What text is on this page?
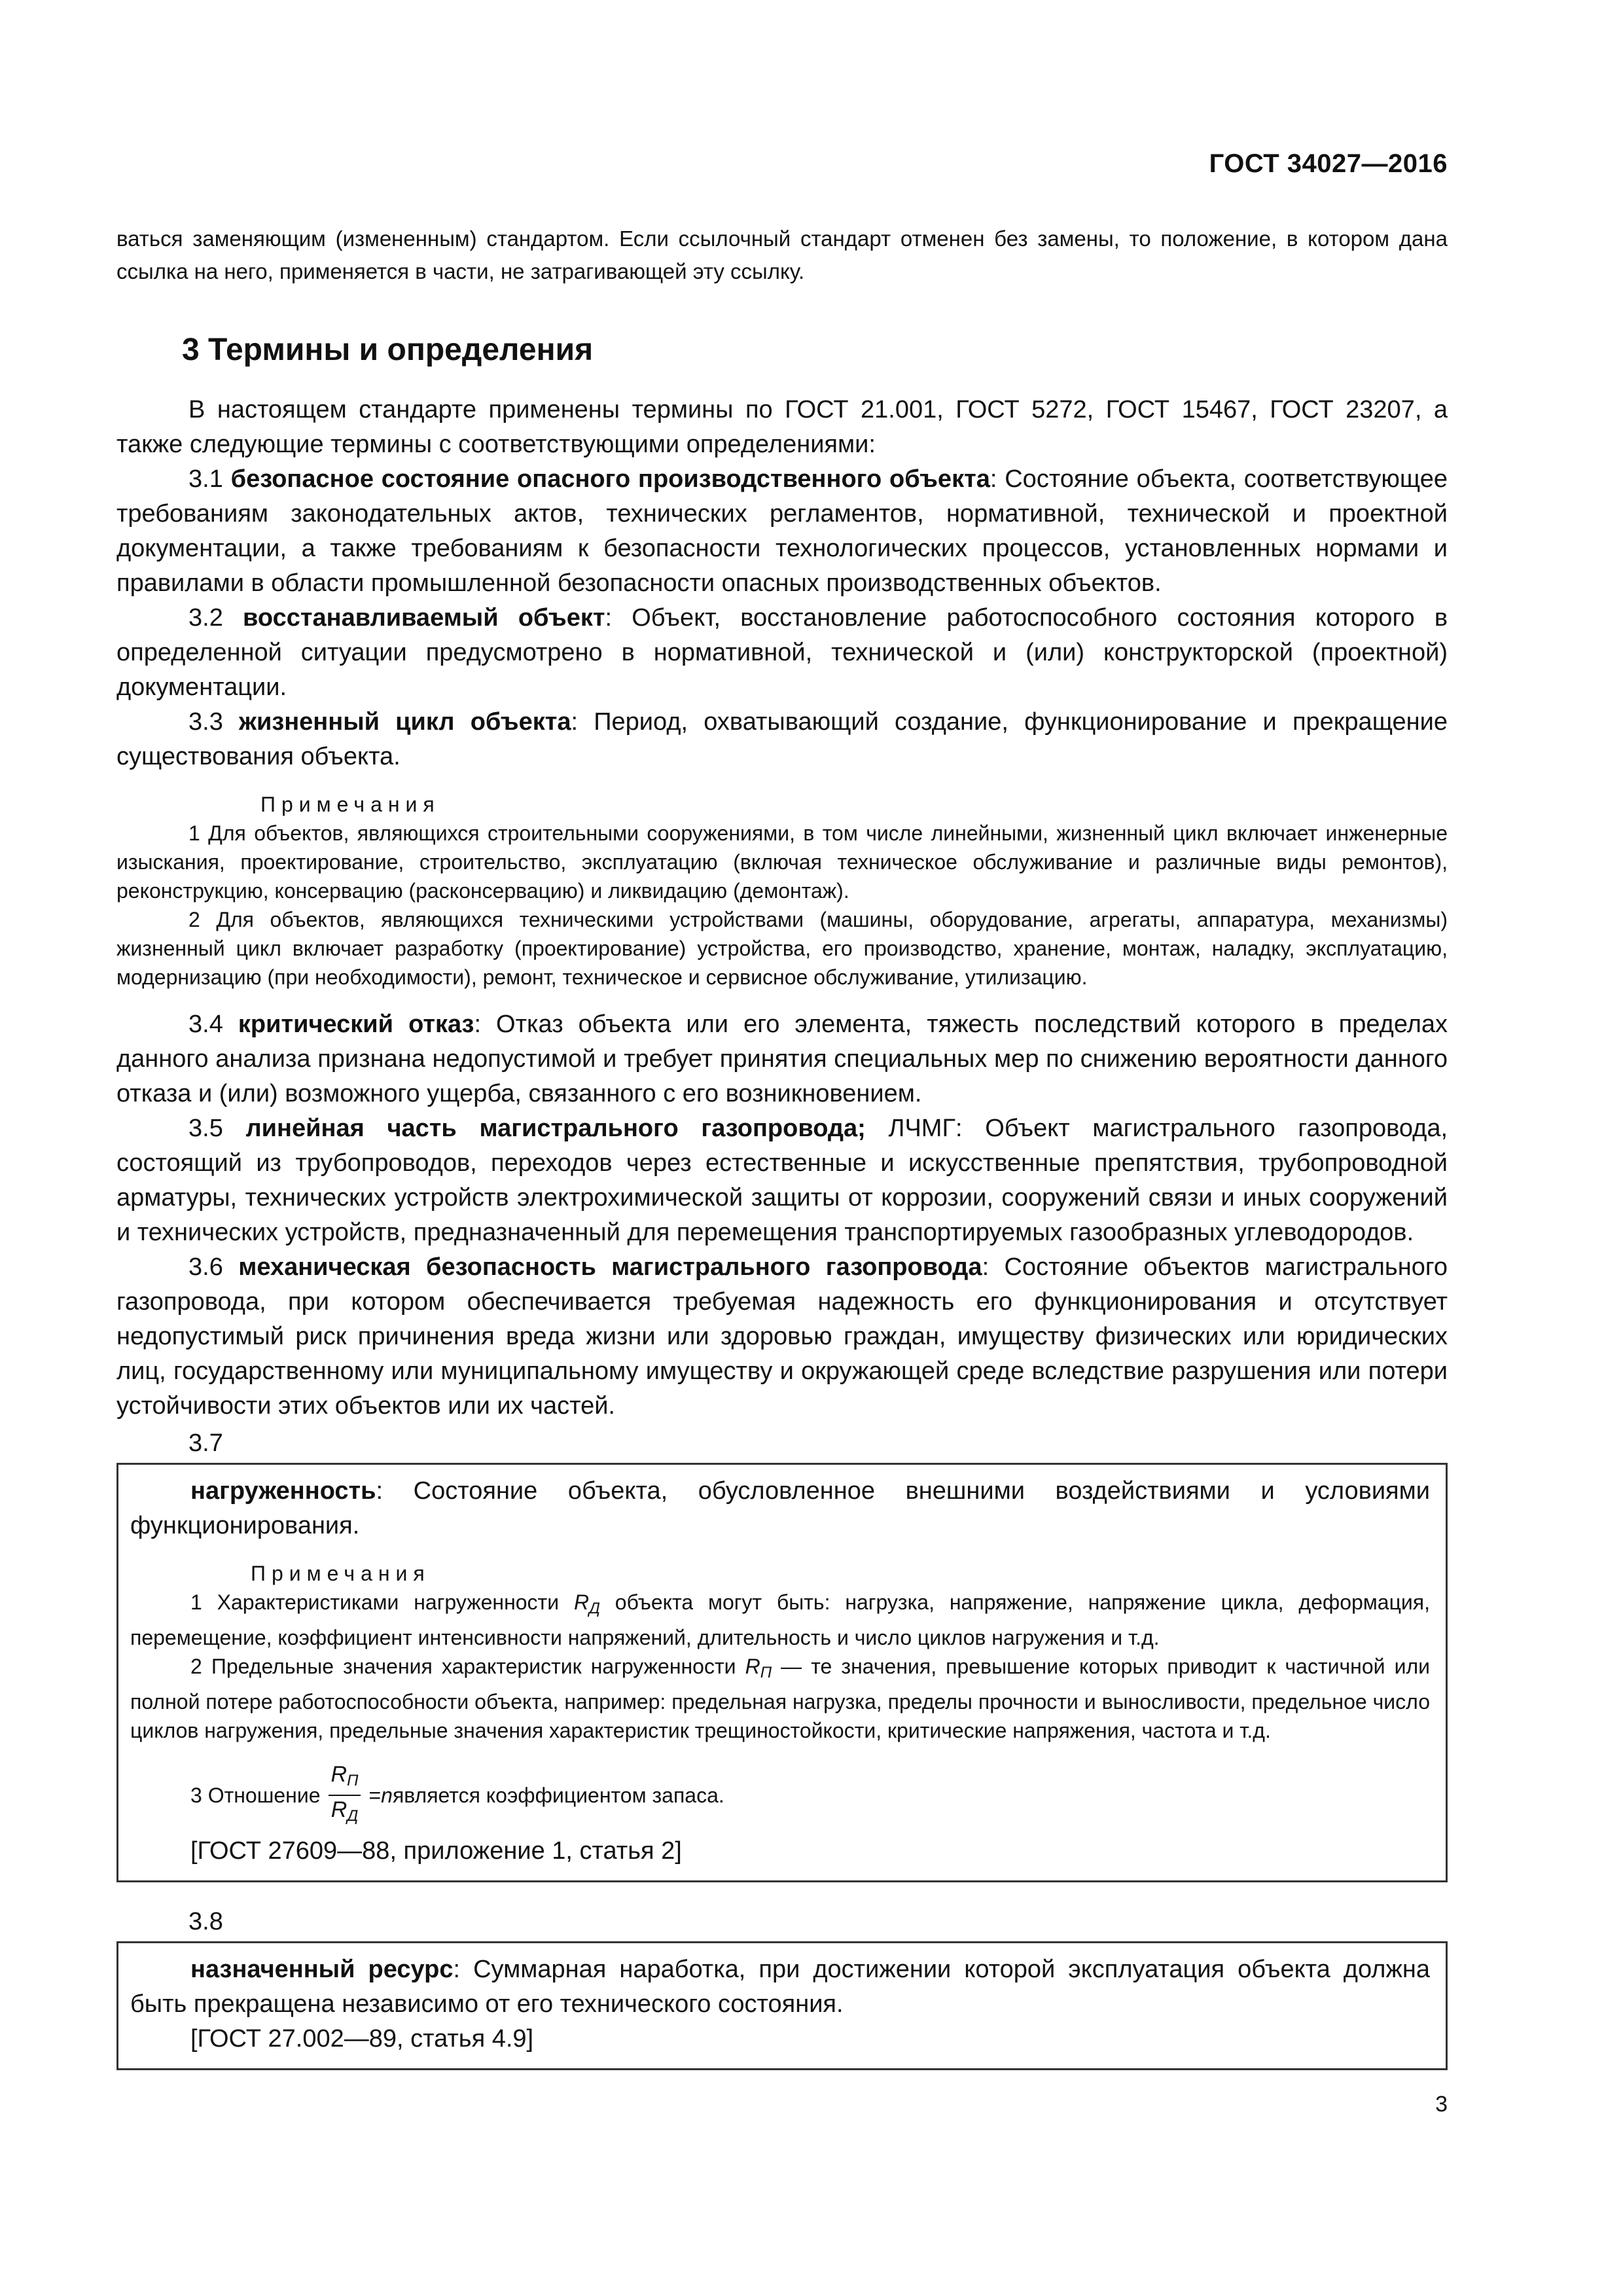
ГОСТ 34027—2016
ваться заменяющим (измененным) стандартом. Если ссылочный стандарт отменен без замены, то положение, в котором дана ссылка на него, применяется в части, не затрагивающей эту ссылку.
3 Термины и определения

В настоящем стандарте применены термины по ГОСТ 21.001, ГОСТ 5272, ГОСТ 15467, ГОСТ 23207, а также следующие термины с соответствующими определениями:

3.1 безопасное состояние опасного производственного объекта: Состояние объекта, соответствующее требованиям законодательных актов, технических регламентов, нормативной, технической и проектной документации, а также требованиям к безопасности технологических процессов, установленных нормами и правилами в области промышленной безопасности опасных производственных объектов.

3.2 восстанавливаемый объект: Объект, восстановление работоспособного состояния которого в определенной ситуации предусмотрено в нормативной, технической и (или) конструкторской (проектной) документации.

3.3 жизненный цикл объекта: Период, охватывающий создание, функционирование и прекращение существования объекта.

Примечания

1 Для объектов, являющихся строительными сооружениями, в том числе линейными, жизненный цикл включает инженерные изыскания, проектирование, строительство, эксплуатацию (включая техническое обслуживание и различные виды ремонтов), реконструкцию, консервацию (расконсервацию) и ликвидацию (демонтаж).

2 Для объектов, являющихся техническими устройствами (машины, оборудование, агрегаты, аппаратура, механизмы) жизненный цикл включает разработку (проектирование) устройства, его производство, хранение, монтаж, наладку, эксплуатацию, модернизацию (при необходимости), ремонт, техническое и сервисное обслуживание, утилизацию.

3.4 критический отказ: Отказ объекта или его элемента, тяжесть последствий которого в пределах данного анализа признана недопустимой и требует принятия специальных мер по снижению вероятности данного отказа и (или) возможного ущерба, связанного с его возникновением.

3.5 линейная часть магистрального газопровода; ЛЧМГ: Объект магистрального газопровода, состоящий из трубопроводов, переходов через естественные и искусственные препятствия, трубопроводной арматуры, технических устройств электрохимической защиты от коррозии, сооружений связи и иных сооружений и технических устройств, предназначенный для перемещения транспортируемых газообразных углеводородов.

3.6 механическая безопасность магистрального газопровода: Состояние объектов магистрального газопровода, при котором обеспечивается требуемая надежность его функционирования и отсутствует недопустимый риск причинения вреда жизни или здоровью граждан, имуществу физических или юридических лиц, государственному или муниципальному имуществу и окружающей среде вследствие разрушения или потери устойчивости этих объектов или их частей.

3.7

нагруженность: Состояние объекта, обусловленное внешними воздействиями и условиями функционирования.

Примечания

1 Характеристиками нагруженности $R_Д$ объекта могут быть: нагрузка, напряжение, напряжение цикла, деформация, перемещение, коэффициент интенсивности напряжений, длительность и число циклов нагружения и т.д.

2 Предельные значения характеристик нагруженности $R_П$ — те значения, превышение которых приводит к частичной или полной потере работоспособности объекта, например: предельная нагрузка, пределы прочности и выносливости, предельное число циклов нагружения, предельные значения характеристик трещиностойкости, критические напряжения, частота и т.д.

3 Отношение $\frac{R_П}{R_Д} = n$ является коэффициентом запаса.

[ГОСТ 27609—88, приложение 1, статья 2]

3.8

назначенный ресурс: Суммарная наработка, при достижении которой эксплуатация объекта должна быть прекращена независимо от его технического состояния.

[ГОСТ 27.002—89, статья 4.9]

3
